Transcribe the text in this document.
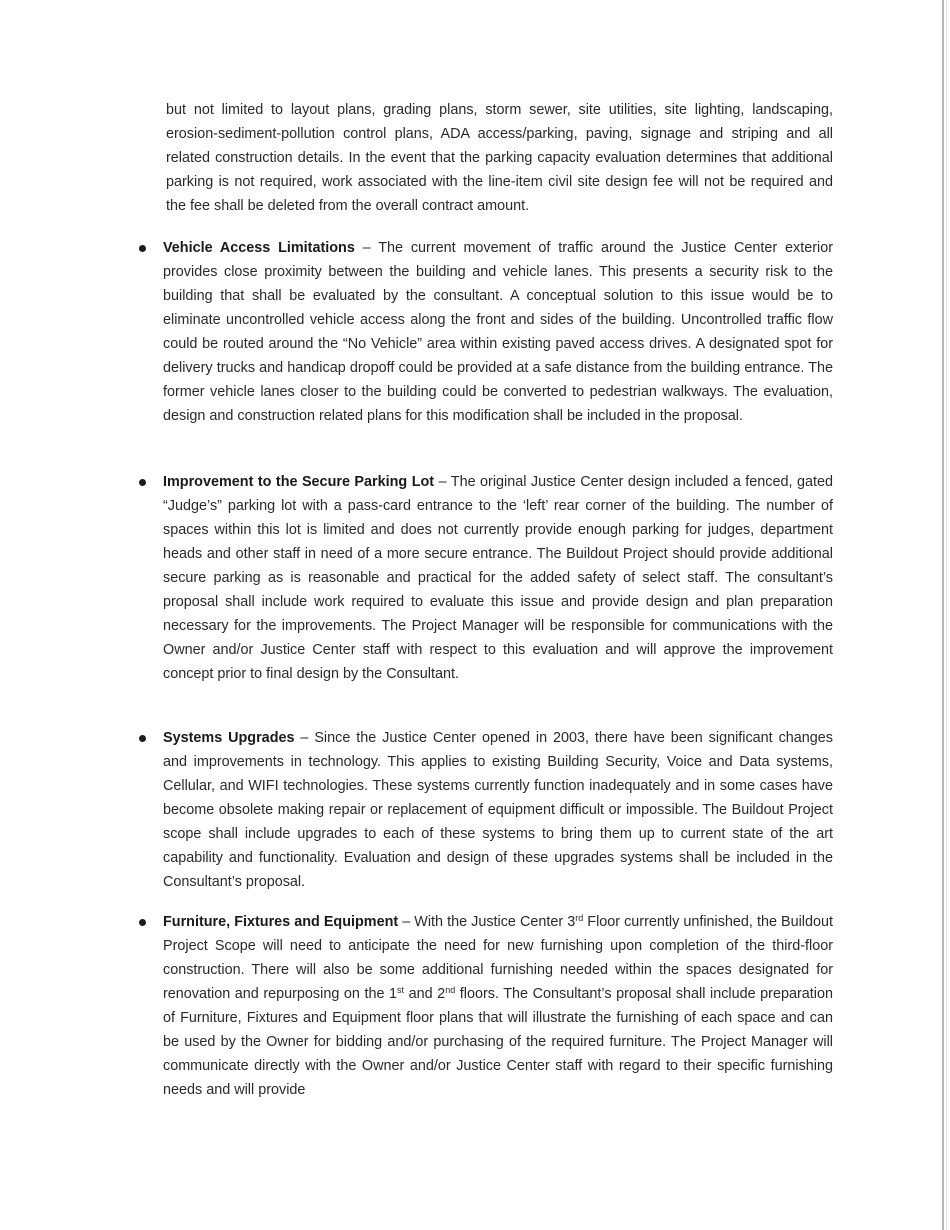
but not limited to layout plans, grading plans, storm sewer, site utilities, site lighting, landscaping, erosion-sediment-pollution control plans, ADA access/parking, paving, signage and striping and all related construction details. In the event that the parking capacity evaluation determines that additional parking is not required, work associated with the line-item civil site design fee will not be required and the fee shall be deleted from the overall contract amount.

Vehicle Access Limitations – The current movement of traffic around the Justice Center exterior provides close proximity between the building and vehicle lanes. This presents a security risk to the building that shall be evaluated by the consultant. A conceptual solution to this issue would be to eliminate uncontrolled vehicle access along the front and sides of the building. Uncontrolled traffic flow could be routed around the “No Vehicle” area within existing paved access drives. A designated spot for delivery trucks and handicap dropoff could be provided at a safe distance from the building entrance. The former vehicle lanes closer to the building could be converted to pedestrian walkways. The evaluation, design and construction related plans for this modification shall be included in the proposal.

Improvement to the Secure Parking Lot – The original Justice Center design included a fenced, gated “Judge’s” parking lot with a pass-card entrance to the ‘left’ rear corner of the building. The number of spaces within this lot is limited and does not currently provide enough parking for judges, department heads and other staff in need of a more secure entrance. The Buildout Project should provide additional secure parking as is reasonable and practical for the added safety of select staff. The consultant’s proposal shall include work required to evaluate this issue and provide design and plan preparation necessary for the improvements. The Project Manager will be responsible for communications with the Owner and/or Justice Center staff with respect to this evaluation and will approve the improvement concept prior to final design by the Consultant.

Systems Upgrades – Since the Justice Center opened in 2003, there have been significant changes and improvements in technology. This applies to existing Building Security, Voice and Data systems, Cellular, and WIFI technologies. These systems currently function inadequately and in some cases have become obsolete making repair or replacement of equipment difficult or impossible. The Buildout Project scope shall include upgrades to each of these systems to bring them up to current state of the art capability and functionality. Evaluation and design of these upgrades systems shall be included in the Consultant’s proposal.

Furniture, Fixtures and Equipment – With the Justice Center 3rd Floor currently unfinished, the Buildout Project Scope will need to anticipate the need for new furnishing upon completion of the third-floor construction. There will also be some additional furnishing needed within the spaces designated for renovation and repurposing on the 1st and 2nd floors. The Consultant’s proposal shall include preparation of Furniture, Fixtures and Equipment floor plans that will illustrate the furnishing of each space and can be used by the Owner for bidding and/or purchasing of the required furniture. The Project Manager will communicate directly with the Owner and/or Justice Center staff with regard to their specific furnishing needs and will provide
